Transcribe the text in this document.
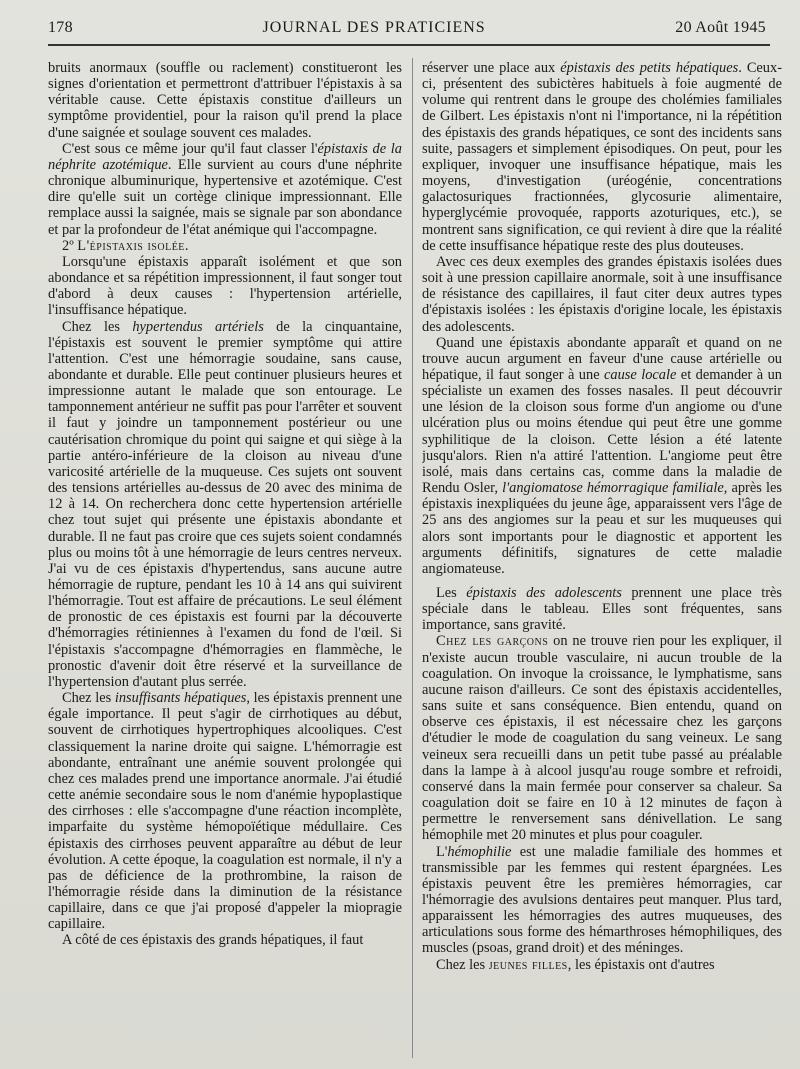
178	JOURNAL DES PRATICIENS	20 Août 1945

bruits anormaux (souffle ou raclement) constitueront les signes d'orientation et permettront d'attribuer l'épistaxis à sa véritable cause. Cette épistaxis constitue d'ailleurs un symptôme providentiel, pour la raison qu'il prend la place d'une saignée et soulage souvent ces malades.

C'est sous ce même jour qu'il faut classer l'épistaxis de la néphrite azotémique. Elle survient au cours d'une néphrite chronique albuminurique, hypertensive et azotémique. C'est dire qu'elle suit un cortège clinique impressionnant. Elle remplace aussi la saignée, mais se signale par son abondance et par la profondeur de l'état anémique qui l'accompagne.

2º L'épistaxis isolée.

Lorsqu'une épistaxis apparaît isolément et que son abondance et sa répétition impressionnent, il faut songer tout d'abord à deux causes : l'hypertension artérielle, l'insuffisance hépatique.

Chez les hypertendus artériels de la cinquantaine, l'épistaxis est souvent le premier symptôme qui attire l'attention. C'est une hémorragie soudaine, sans cause, abondante et durable. Elle peut continuer plusieurs heures et impressionne autant le malade que son entourage. Le tamponnement antérieur ne suffit pas pour l'arrêter et souvent il faut y joindre un tamponnement postérieur ou une cautérisation chromique du point qui saigne et qui siège à la partie antéro-inférieure de la cloison au niveau d'une varicosité artérielle de la muqueuse. Ces sujets ont souvent des tensions artérielles au-dessus de 20 avec des minima de 12 à 14. On recherchera donc cette hypertension artérielle chez tout sujet qui présente une épistaxis abondante et durable. Il ne faut pas croire que ces sujets soient condamnés plus ou moins tôt à une hémorragie de leurs centres nerveux. J'ai vu de ces épistaxis d'hypertendus, sans aucune autre hémorragie de rupture, pendant les 10 à 14 ans qui suivirent l'hémorragie. Tout est affaire de précautions. Le seul élément de pronostic de ces épistaxis est fourni par la découverte d'hémorragies rétiniennes à l'examen du fond de l'œil. Si l'épistaxis s'accompagne d'hémorragies en flammèche, le pronostic d'avenir doit être réservé et la surveillance de l'hypertension d'autant plus serrée.

Chez les insuffisants hépatiques, les épistaxis prennent une égale importance. Il peut s'agir de cirrhotiques au début, souvent de cirrhotiques hypertrophiques alcooliques. C'est classiquement la narine droite qui saigne. L'hémorragie est abondante, entraînant une anémie souvent prolongée qui chez ces malades prend une importance anormale. J'ai étudié cette anémie secondaire sous le nom d'anémie hypoplastique des cirrhoses : elle s'accompagne d'une réaction incomplète, imparfaite du système hémopoïétique médullaire. Ces épistaxis des cirrhoses peuvent apparaître au début de leur évolution. A cette époque, la coagulation est normale, il n'y a pas de déficience de la prothrombine, la raison de l'hémorragie réside dans la diminution de la résistance capillaire, dans ce que j'ai proposé d'appeler la miopragie capillaire.

A côté de ces épistaxis des grands hépatiques, il faut

réserver une place aux épistaxis des petits hépatiques. Ceux-ci, présentent des subictères habituels à foie augmenté de volume qui rentrent dans le groupe des cholémies familiales de Gilbert. Les épistaxis n'ont ni l'importance, ni la répétition des épistaxis des grands hépatiques, ce sont des incidents sans suite, passagers et simplement épisodiques. On peut, pour les expliquer, invoquer une insuffisance hépatique, mais les moyens, d'investigation (uréogénie, concentrations galactosuriques fractionnées, glycosurie alimentaire, hyperglycémie provoquée, rapports azoturiques, etc.), se montrent sans signification, ce qui revient à dire que la réalité de cette insuffisance hépatique reste des plus douteuses.

Avec ces deux exemples des grandes épistaxis isolées dues soit à une pression capillaire anormale, soit à une insuffisance de résistance des capillaires, il faut citer deux autres types d'épistaxis isolées : les épistaxis d'origine locale, les épistaxis des adolescents.

Quand une épistaxis abondante apparaît et quand on ne trouve aucun argument en faveur d'une cause artérielle ou hépatique, il faut songer à une cause locale et demander à un spécialiste un examen des fosses nasales. Il peut découvrir une lésion de la cloison sous forme d'un angiome ou d'une ulcération plus ou moins étendue qui peut être une gomme syphilitique de la cloison. Cette lésion a été latente jusqu'alors. Rien n'a attiré l'attention. L'angiome peut être isolé, mais dans certains cas, comme dans la maladie de Rendu Osler, l'angiomatose hémorragique familiale, après les épistaxis inexpliquées du jeune âge, apparaissent vers l'âge de 25 ans des angiomes sur la peau et sur les muqueuses qui alors sont importants pour le diagnostic et apportent les arguments définitifs, signatures de cette maladie angiomateuse.

Les épistaxis des adolescents prennent une place très spéciale dans le tableau. Elles sont fréquentes, sans importance, sans gravité.

Chez les garçons on ne trouve rien pour les expliquer, il n'existe aucun trouble vasculaire, ni aucun trouble de la coagulation. On invoque la croissance, le lymphatisme, sans aucune raison d'ailleurs. Ce sont des épistaxis accidentelles, sans suite et sans conséquence. Bien entendu, quand on observe ces épistaxis, il est nécessaire chez les garçons d'étudier le mode de coagulation du sang veineux. Le sang veineux sera recueilli dans un petit tube passé au préalable dans la lampe à à alcool jusqu'au rouge sombre et refroidi, conservé dans la main fermée pour conserver sa chaleur. Sa coagulation doit se faire en 10 à 12 minutes de façon à permettre le renversement sans dénivellation. Le sang hémophile met 20 minutes et plus pour coaguler.

L'hémophilie est une maladie familiale des hommes et transmissible par les femmes qui restent épargnées. Les épistaxis peuvent être les premières hémorragies, car l'hémorragie des avulsions dentaires peut manquer. Plus tard, apparaissent les hémorragies des autres muqueuses, des articulations sous forme des hémarthroses hémophiliques, des muscles (psoas, grand droit) et des méninges.

Chez les jeunes filles, les épistaxis ont d'autres
